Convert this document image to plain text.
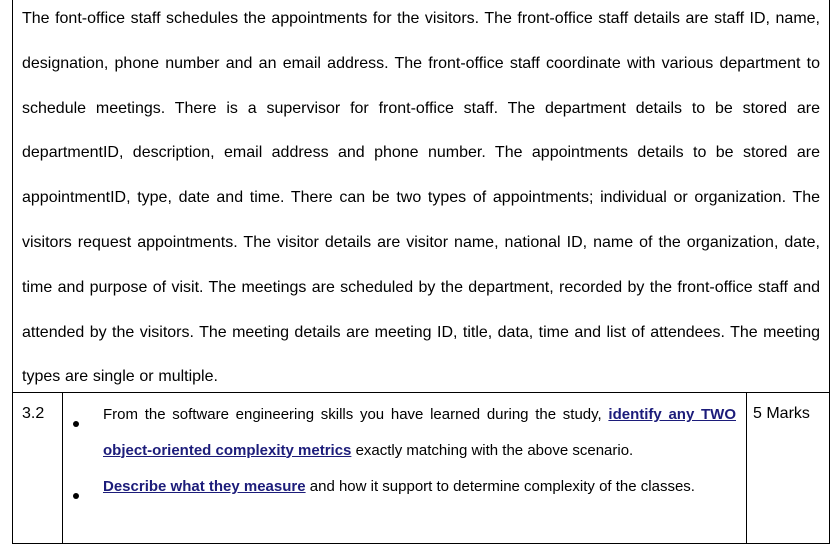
The font-office staff schedules the appointments for the visitors. The front-office staff details are staff ID, name, designation, phone number and an email address. The front-office staff coordinate with various department to schedule meetings. There is a supervisor for front-office staff. The department details to be stored are departmentID, description, email address and phone number. The appointments details to be stored are appointmentID, type, date and time. There can be two types of appointments; individual or organization. The visitors request appointments. The visitor details are visitor name, national ID, name of the organization, date, time and purpose of visit. The meetings are scheduled by the department, recorded by the front-office staff and attended by the visitors. The meeting details are meeting ID, title, data, time and list of attendees. The meeting types are single or multiple.

3.2	From the software engineering skills you have learned during the study, identify any TWO object-oriented complexity metrics exactly matching with the above scenario.

Describe what they measure and how it support to determine complexity of the classes.

5 Marks
